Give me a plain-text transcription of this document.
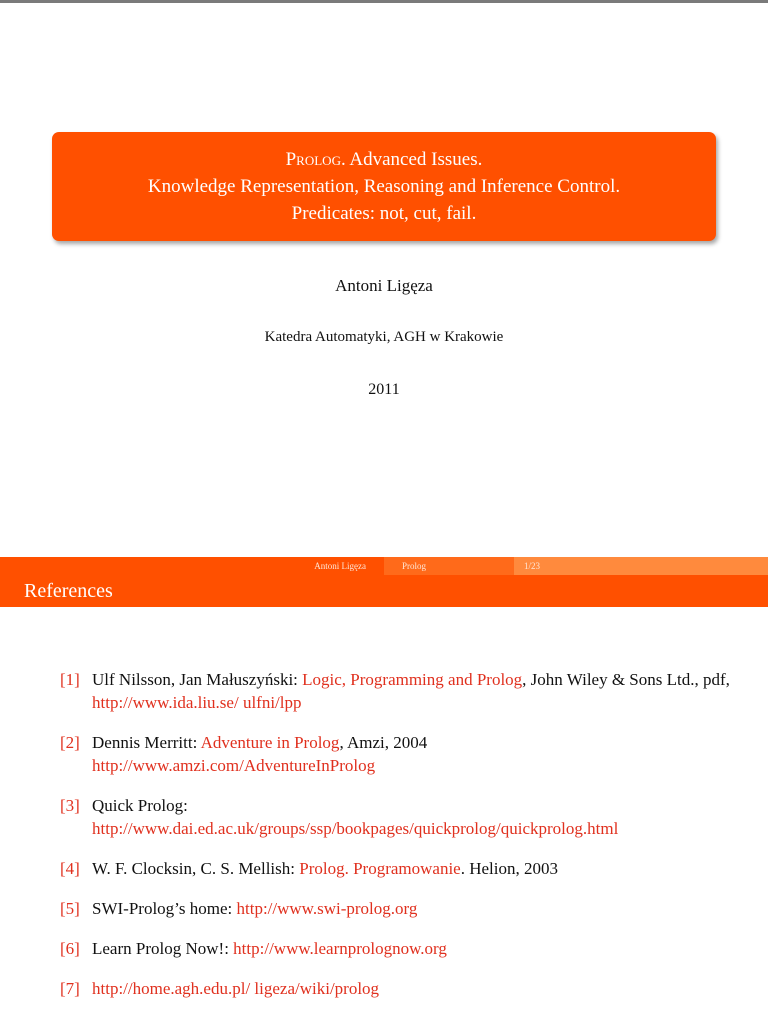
Prolog. Advanced Issues.
Knowledge Representation, Reasoning and Inference Control.
Predicates: not, cut, fail.
Antoni Ligęza
Katedra Automatyki, AGH w Krakowie
2011
Antoni Ligęza	Prolog	1/23
References
[1] Ulf Nilsson, Jan Małuszyński: Logic, Programming and Prolog, John Wiley & Sons Ltd., pdf, http://www.ida.liu.se/ ulfni/lpp
[2] Dennis Merritt: Adventure in Prolog, Amzi, 2004
http://www.amzi.com/AdventureInProlog
[3] Quick Prolog:
http://www.dai.ed.ac.uk/groups/ssp/bookpages/quickprolog/quickprolog.html
[4] W. F. Clocksin, C. S. Mellish: Prolog. Programowanie. Helion, 2003
[5] SWI-Prolog’s home: http://www.swi-prolog.org
[6] Learn Prolog Now!: http://www.learnprolognow.org
[7] http://home.agh.edu.pl/ ligeza/wiki/prolog
